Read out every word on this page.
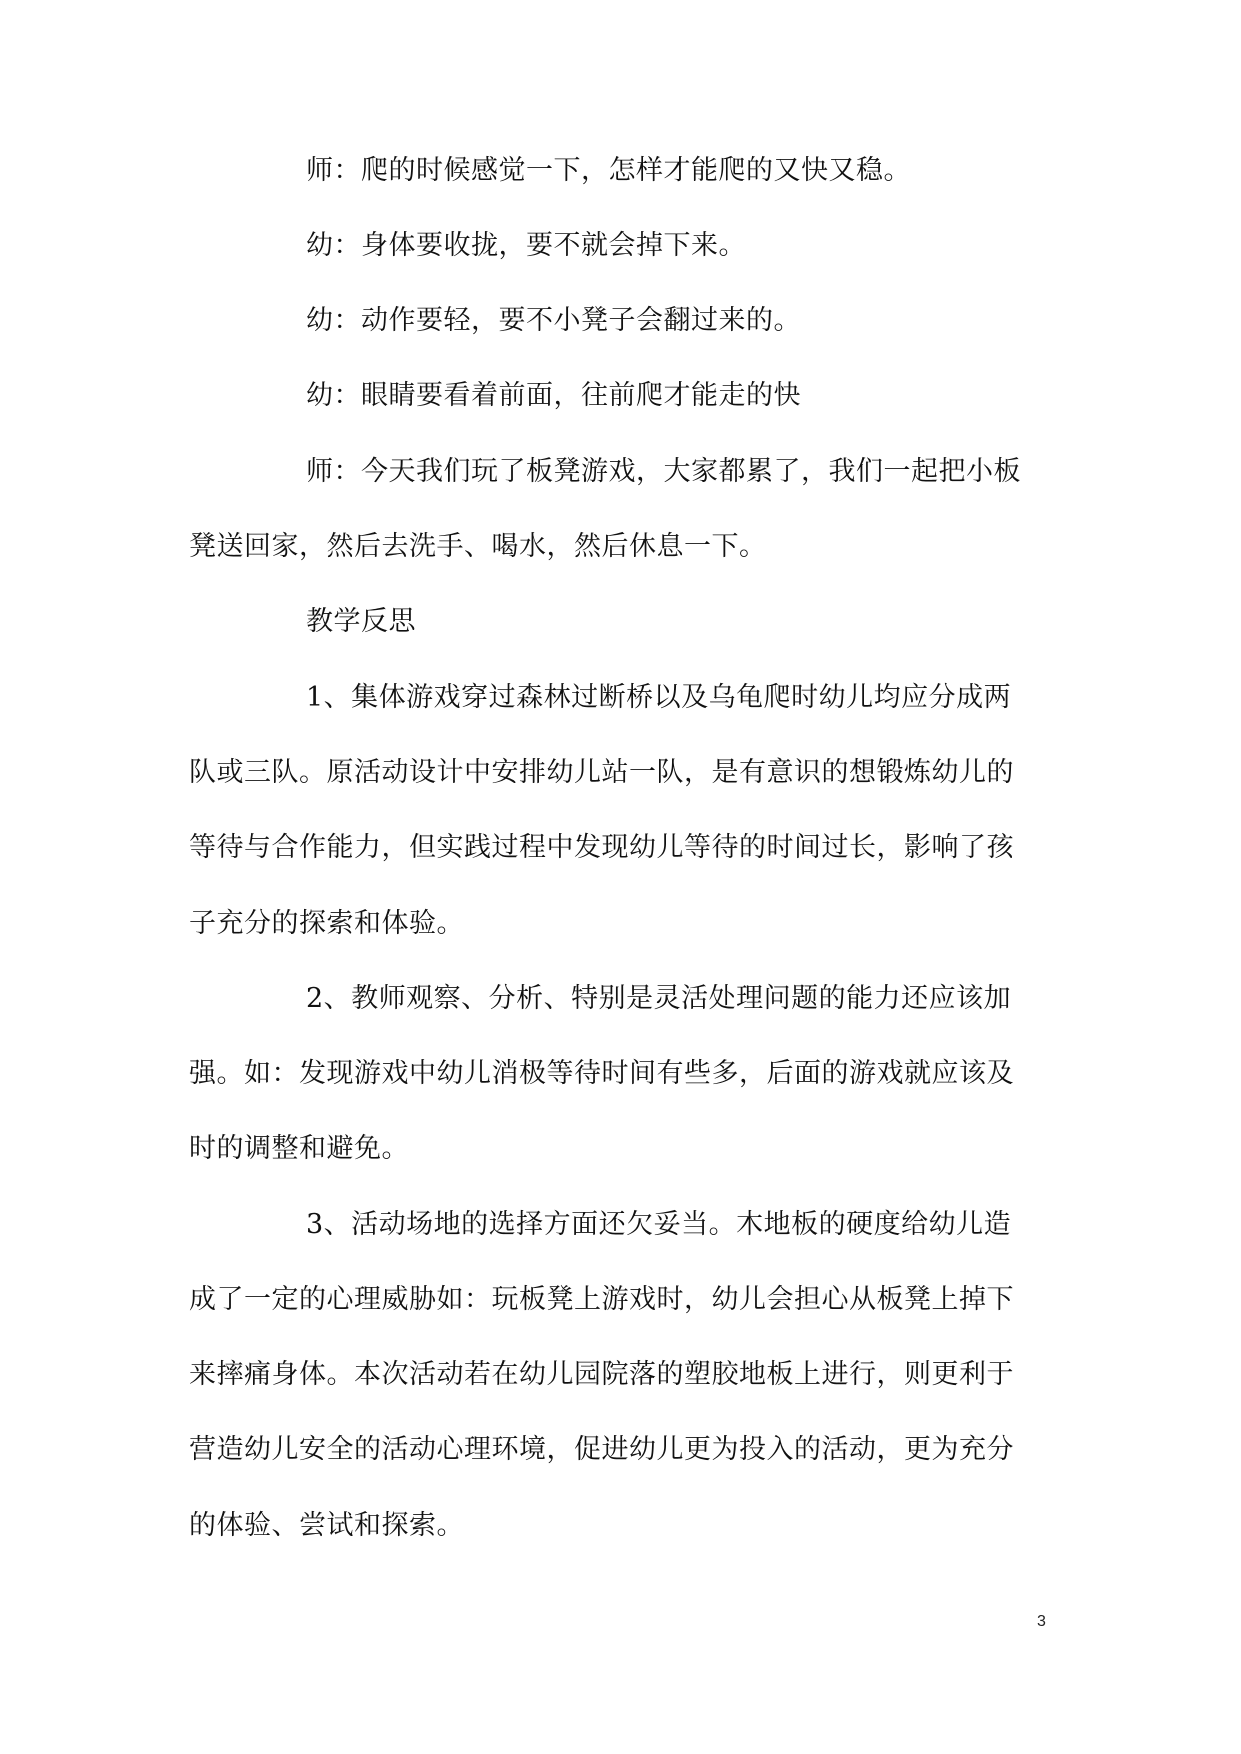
师：爬的时候感觉一下，怎样才能爬的又快又稳。
幼：身体要收拢，要不就会掉下来。
幼：动作要轻，要不小凳子会翻过来的。
幼：眼睛要看着前面，往前爬才能走的快
师：今天我们玩了板凳游戏，大家都累了，我们一起把小板
凳送回家，然后去洗手、喝水，然后休息一下。
教学反思
1、集体游戏穿过森林过断桥以及乌龟爬时幼儿均应分成两
队或三队。原活动设计中安排幼儿站一队，是有意识的想锻炼幼儿的
等待与合作能力，但实践过程中发现幼儿等待的时间过长，影响了孩
子充分的探索和体验。
2、教师观察、分析、特别是灵活处理问题的能力还应该加
强。如：发现游戏中幼儿消极等待时间有些多，后面的游戏就应该及
时的调整和避免。
3、活动场地的选择方面还欠妥当。木地板的硬度给幼儿造
成了一定的心理威胁如：玩板凳上游戏时，幼儿会担心从板凳上掉下
来摔痛身体。本次活动若在幼儿园院落的塑胶地板上进行，则更利于
营造幼儿安全的活动心理环境，促进幼儿更为投入的活动，更为充分
的体验、尝试和探索。
3
